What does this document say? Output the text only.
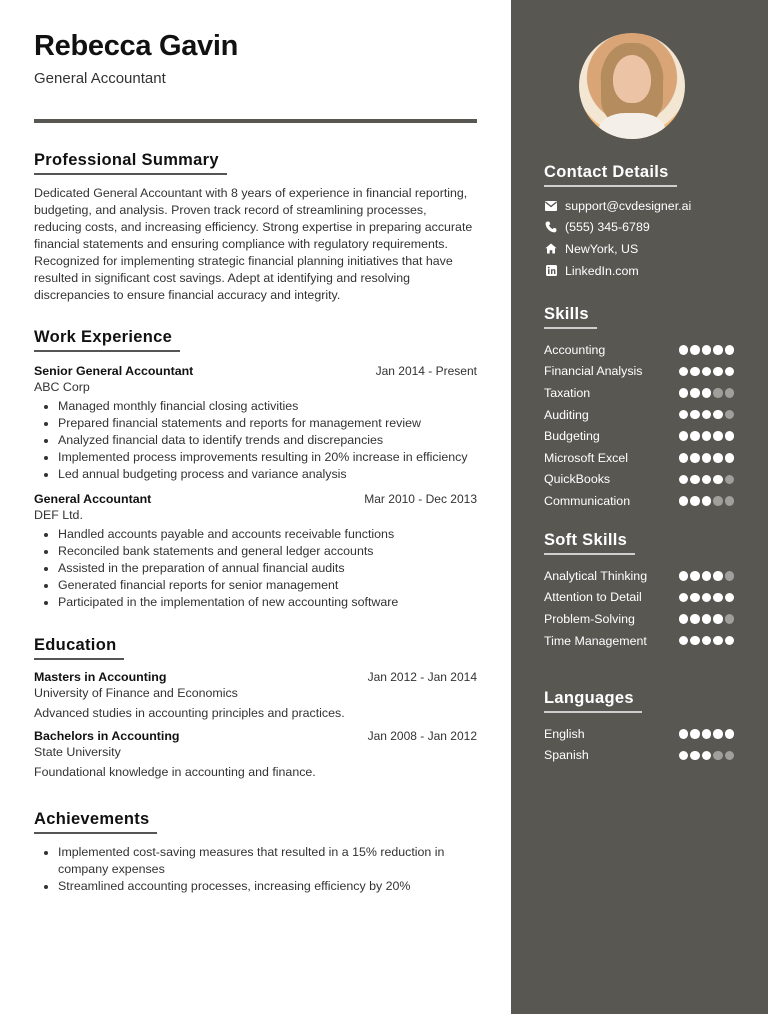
Rebecca Gavin
General Accountant
Professional Summary

Dedicated General Accountant with 8 years of experience in financial reporting, budgeting, and analysis. Proven track record of streamlining processes, reducing costs, and increasing efficiency. Strong expertise in preparing accurate financial statements and ensuring compliance with regulatory requirements. Recognized for implementing strategic financial planning initiatives that have resulted in significant cost savings. Adept at identifying and resolving discrepancies to ensure financial accuracy and integrity.

Work Experience
Senior General Accountant	Jan 2014 - Present
ABC Corp
• Managed monthly financial closing activities
• Prepared financial statements and reports for management review
• Analyzed financial data to identify trends and discrepancies
• Implemented process improvements resulting in 20% increase in efficiency
• Led annual budgeting process and variance analysis
General Accountant	Mar 2010 - Dec 2013
DEF Ltd.
• Handled accounts payable and accounts receivable functions
• Reconciled bank statements and general ledger accounts
• Assisted in the preparation of annual financial audits
• Generated financial reports for senior management
• Participated in the implementation of new accounting software
Education
Masters in Accounting	Jan 2012 - Jan 2014
University of Finance and Economics
Advanced studies in accounting principles and practices.
Bachelors in Accounting	Jan 2008 - Jan 2012
State University
Foundational knowledge in accounting and finance.
Achievements
• Implemented cost-saving measures that resulted in a 15% reduction in company expenses
• Streamlined accounting processes, increasing efficiency by 20%
Contact Details
support@cvdesigner.ai
(555) 345-6789
NewYork, US
LinkedIn.com
Skills
Accounting
Financial Analysis
Taxation
Auditing
Budgeting
Microsoft Excel
QuickBooks
Communication
Soft Skills
Analytical Thinking
Attention to Detail
Problem-Solving
Time Management
Languages
English
Spanish
